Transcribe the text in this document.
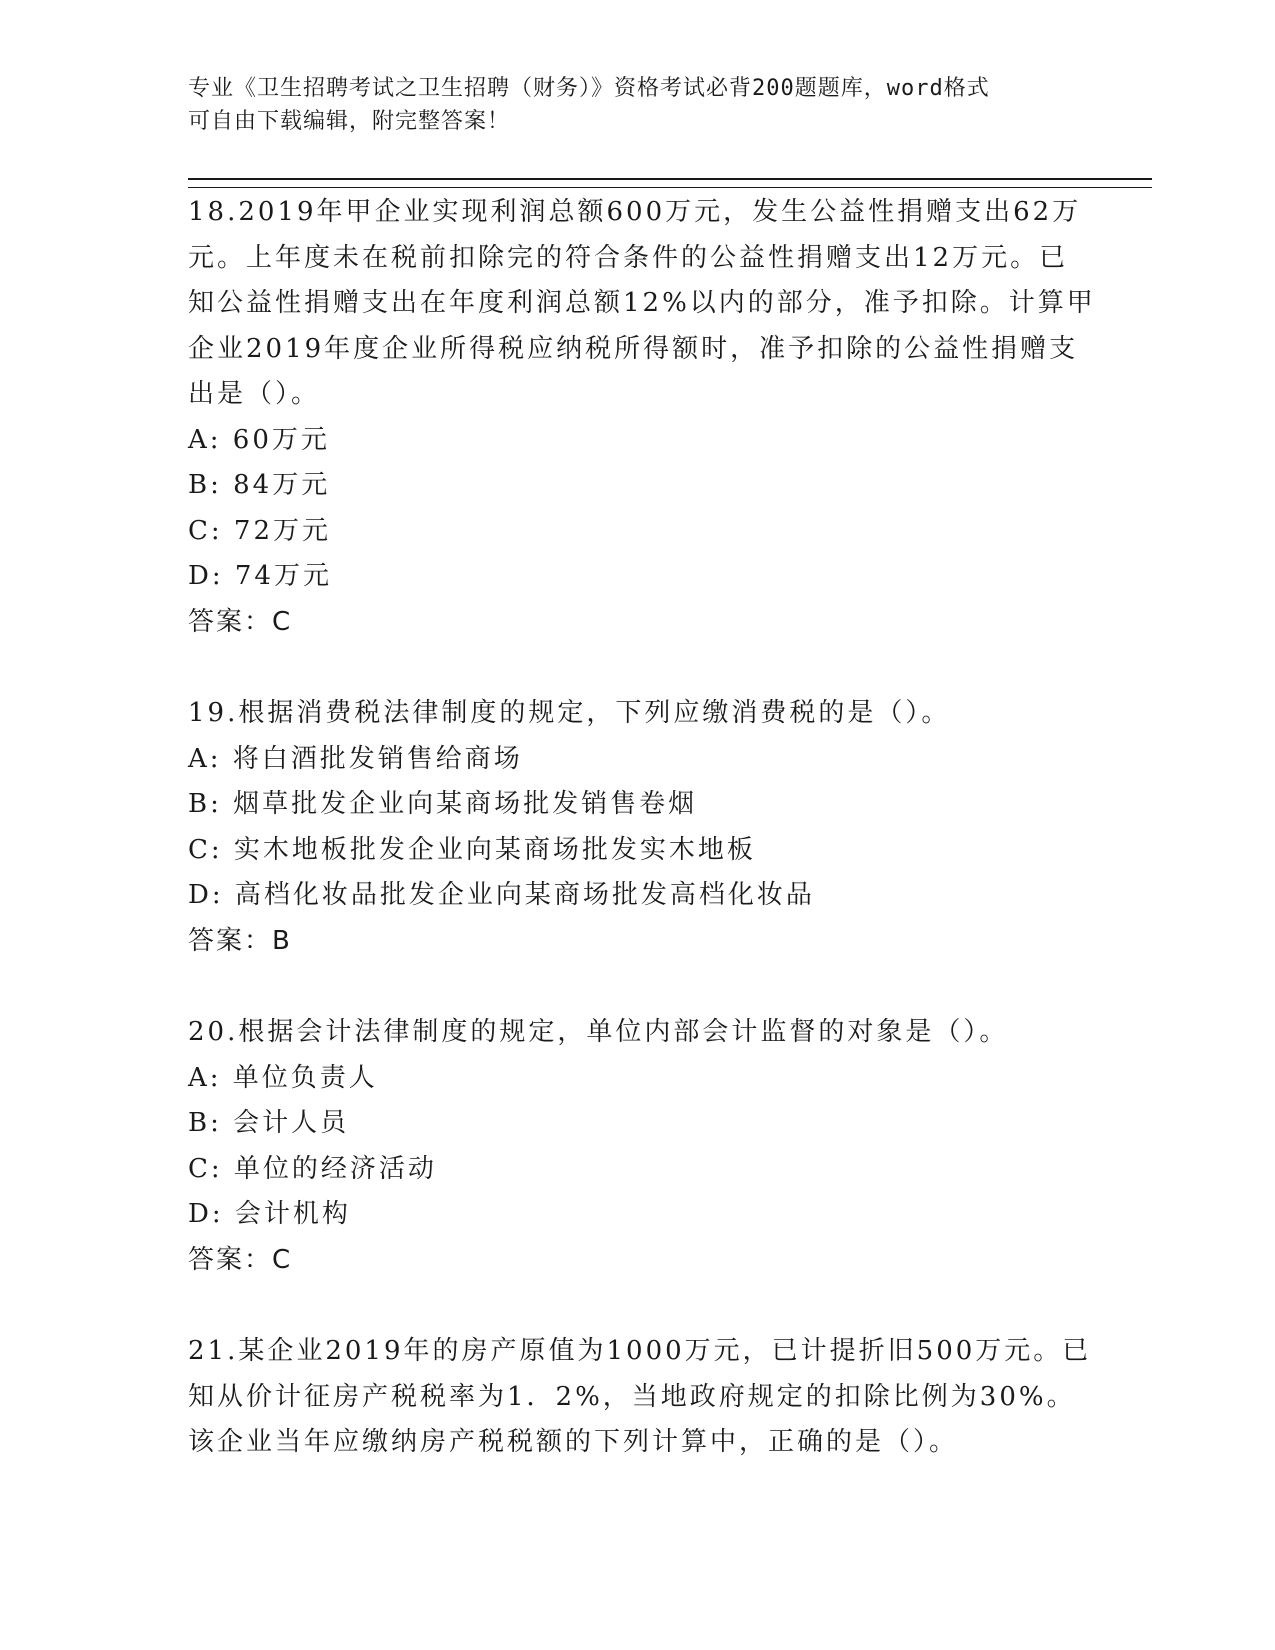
专业《卫生招聘考试之卫生招聘（财务）》资格考试必背200题题库，word格式
可自由下载编辑，附完整答案！
18.2019年甲企业实现利润总额600万元，发生公益性捐赠支出62万
元。上年度未在税前扣除完的符合条件的公益性捐赠支出12万元。已
知公益性捐赠支出在年度利润总额12%以内的部分，准予扣除。计算甲
企业2019年度企业所得税应纳税所得额时，准予扣除的公益性捐赠支
出是（）。
A: 60万元
B: 84万元
C: 72万元
D: 74万元
答案：C
19.根据消费税法律制度的规定，下列应缴消费税的是（）。
A: 将白酒批发销售给商场
B: 烟草批发企业向某商场批发销售卷烟
C: 实木地板批发企业向某商场批发实木地板
D: 高档化妆品批发企业向某商场批发高档化妆品
答案：B
20.根据会计法律制度的规定，单位内部会计监督的对象是（）。
A: 单位负责人
B: 会计人员
C: 单位的经济活动
D: 会计机构
答案：C
21.某企业2019年的房产原值为1000万元，已计提折旧500万元。已
知从价计征房产税税率为1．2%，当地政府规定的扣除比例为30%。
该企业当年应缴纳房产税税额的下列计算中，正确的是（）。
